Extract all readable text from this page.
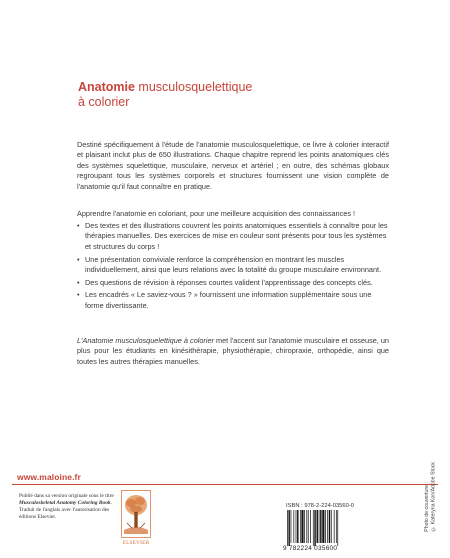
Anatomie musculosquelettique
à colorier

Destiné spécifiquement à l'étude de l'anatomie musculosquelettique, ce livre à colorier interactif et plaisant inclut plus de 650 illustrations. Chaque chapitre reprend les points anatomiques clés des systèmes squelettique, musculaire, nerveux et artériel ; en outre, des schémas globaux regroupant tous les systèmes corporels et structures fournissent une vision complète de l'anatomie qu'il faut connaître en pratique.

Apprendre l'anatomie en coloriant, pour une meilleure acquisition des connaissances !

• Des textes et des illustrations couvrent les points anatomiques essentiels à connaître pour les thérapies manuelles. Des exercices de mise en couleur sont présents pour tous les systèmes et structures du corps !
• Une présentation conviviale renforce la compréhension en montrant les muscles individuellement, ainsi que leurs relations avec la totalité du groupe musculaire environnant.
• Des questions de révision à réponses courtes valident l'apprentissage des concepts clés.
• Les encadrés « Le saviez-vous ? » fournissent une information supplémentaire sous une forme divertissante.

L'Anatomie musculosquelettique à colorier met l'accent sur l'anatomie musculaire et osseuse, un plus pour les étudiants en kinésithérapie, physiothérapie, chiropraxie, orthopédie, ainsi que toutes les autres thérapies manuelles.

www.maloine.fr

Publié dans sa version originale sous le titre Musculoskeletal Anatomy Coloring Book. Traduit de l'anglais avec l'autorisation des éditions Elsevier.

ELSEVIER
ISBN : 978-2-224-03560-0
9 782224 035600
Photo de couverture :
© Kateryna Kon/Adobe Stock
